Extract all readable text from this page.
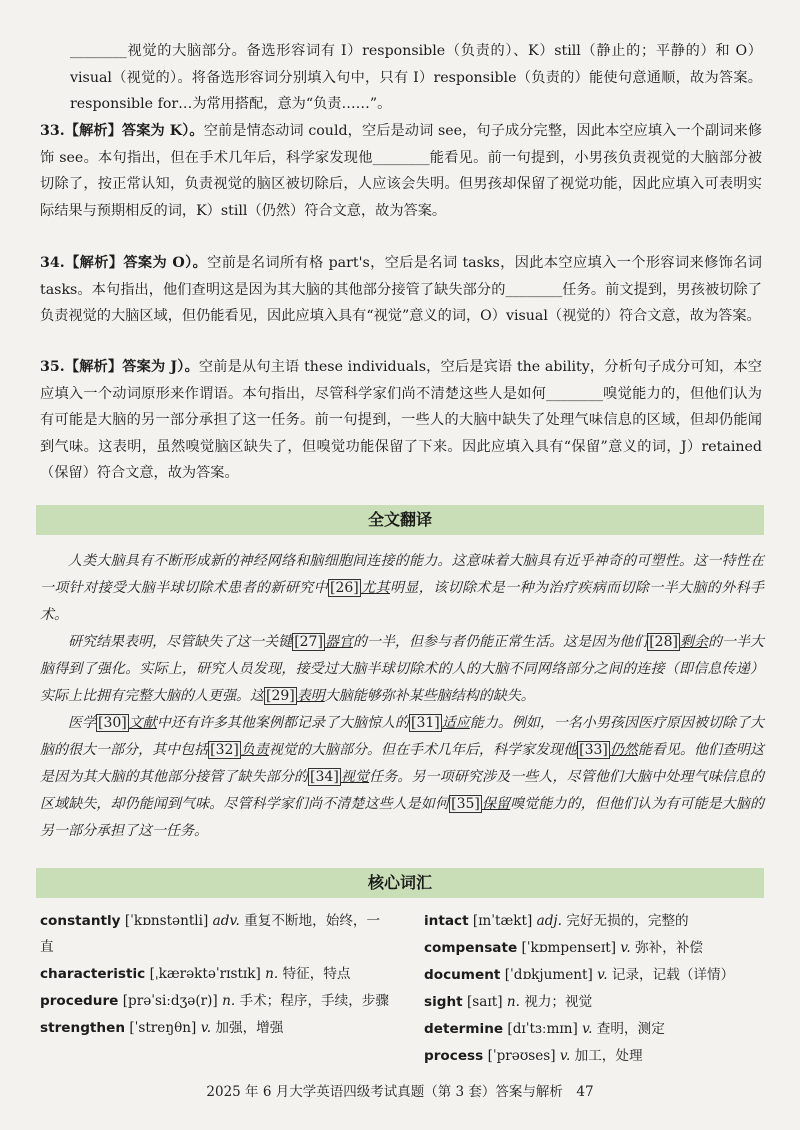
________视觉的大脑部分。备选形容词有 I）responsible（负责的）、K）still（静止的；平静的）和 O）visual（视觉的）。将备选形容词分别填入句中，只有 I）responsible（负责的）能使句意通顺，故为答案。responsible for…为常用搭配，意为“负责……”。
33.【解析】答案为 K）。空前是情态动词 could，空后是动词 see，句子成分完整，因此本空应填入一个副词来修饰 see。本句指出，但在手术几年后，科学家发现他________能看见。前一句提到，小男孩负责视觉的大脑部分被切除了，按正常认知，负责视觉的脑区被切除后，人应该会失明。但男孩却保留了视觉功能，因此应填入可表明实际结果与预期相反的词，K）still（仍然）符合文意，故为答案。
34.【解析】答案为 O）。空前是名词所有格 part's，空后是名词 tasks，因此本空应填入一个形容词来修饰名词 tasks。本句指出，他们查明这是因为其大脑的其他部分接管了缺失部分的________任务。前文提到，男孩被切除了负责视觉的大脑区域，但仍能看见，因此应填入具有“视觉”意义的词，O）visual（视觉的）符合文意，故为答案。
35.【解析】答案为 J）。空前是从句主语 these individuals，空后是宾语 the ability，分析句子成分可知，本空应填入一个动词原形来作谓语。本句指出，尽管科学家们尚不清楚这些人是如何________嗅觉能力的，但他们认为有可能是大脑的另一部分承担了这一任务。前一句提到，一些人的大脑中缺失了处理气味信息的区域，但却仍能闻到气味。这表明，虽然嗅觉脑区缺失了，但嗅觉功能保留了下来。因此应填入具有“保留”意义的词，J）retained（保留）符合文意，故为答案。
全文翻译

人类大脑具有不断形成新的神经网络和脑细胞间连接的能力。这意味着大脑具有近乎神奇的可塑性。这一特性在一项针对接受大脑半球切除术患者的新研究中 [26] 尤其明显，该切除术是一种为治疗疾病而切除一半大脑的外科手术。

研究结果表明，尽管缺失了这一关键 [27] 器官的一半，但参与者仍能正常生活。这是因为他们 [28] 剩余的一半大脑得到了强化。实际上，研究人员发现，接受过大脑半球切除术的人的大脑不同网络部分之间的连接（即信息传递）实际上比拥有完整大脑的人更强。这 [29] 表明大脑能够弥补某些脑结构的缺失。

医学 [30] 文献中还有许多其他案例都记录了大脑惊人的 [31] 适应能力。例如，一名小男孩因医疗原因被切除了大脑的很大一部分，其中包括 [32] 负责视觉的大脑部分。但在手术几年后，科学家发现他 [33] 仍然能看见。他们查明这是因为其大脑的其他部分接管了缺失部分的 [34] 视觉任务。另一项研究涉及一些人，尽管他们大脑中处理气味信息的区域缺失，却仍能闻到气味。尽管科学家们尚不清楚这些人是如何 [35] 保留嗅觉能力的，但他们认为有可能是大脑的另一部分承担了这一任务。

核心词汇
constantly [ˈkɒnstəntli] adv. 重复不断地，始终，一直
characteristic [ˌkærəktəˈrɪstɪk] n. 特征，特点
procedure [prəˈsiːdʒə(r)] n. 手术；程序，手续，步骤
strengthen [ˈstreŋθn] v. 加强，增强
intact [ɪnˈtækt] adj. 完好无损的，完整的
compensate [ˈkɒmpenseɪt] v. 弥补，补偿
document [ˈdɒkjument] v. 记录，记载（详情）
sight [saɪt] n. 视力；视觉
determine [dɪˈtɜːmɪn] v. 查明，测定
process [ˈprəʊses] v. 加工，处理
2025 年 6 月大学英语四级考试真题（第 3 套）答案与解析　47
